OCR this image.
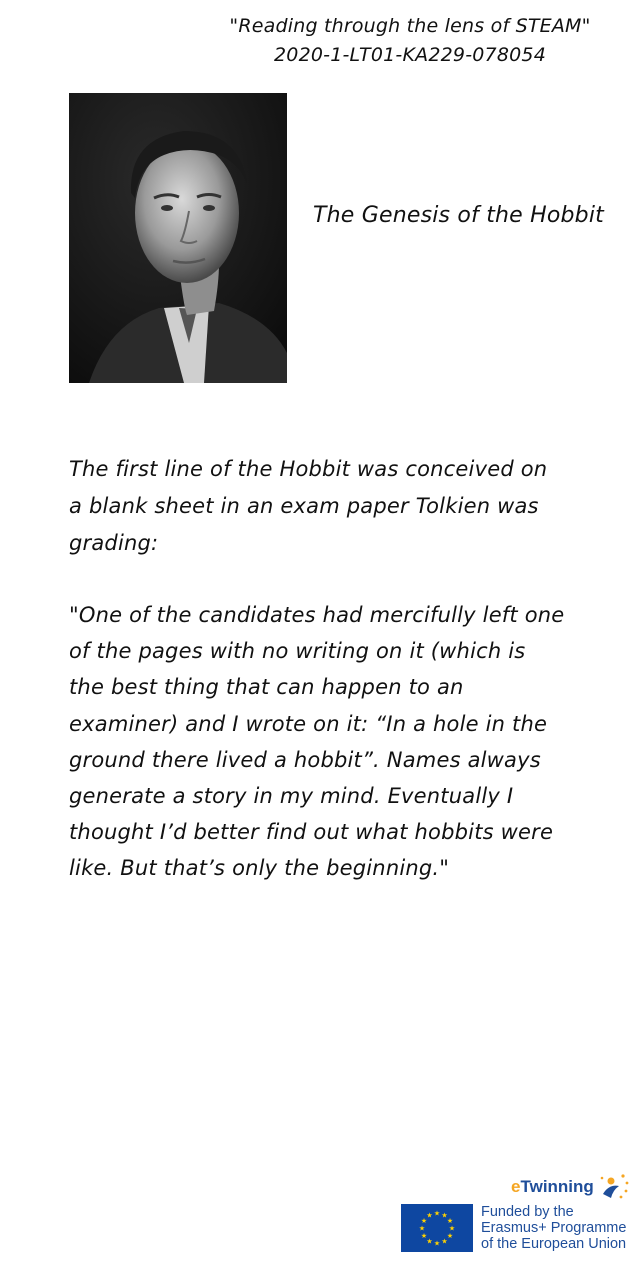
"Reading through the lens of STEAM"
2020-1-LT01-KA229-078054
The Genesis of the Hobbit
The first line of the Hobbit was conceived on
a blank sheet in an exam paper Tolkien was
grading:
"One of the candidates had mercifully left one
of the pages with no writing on it (which is
the best thing that can happen to an
examiner) and I wrote on it: “In a hole in the
ground there lived a hobbit”. Names always
generate a story in my mind. Eventually I
thought I’d better find out what hobbits were
like. But that’s only the beginning."
eTwinning
★ ★
★
★
★
★
★
★
★
★
★
★	Funded by the
Erasmus+ Programme
of the European Union
